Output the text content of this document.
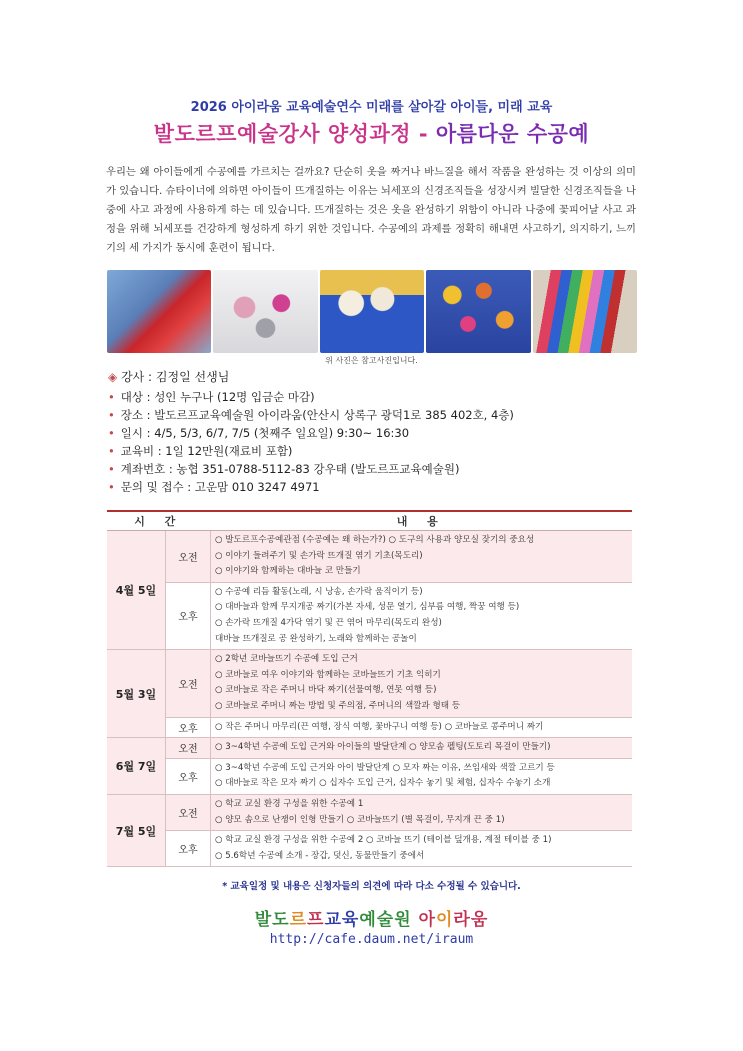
2026 아이라움 교육예술연수 미래를 살아갈 아이들, 미래 교육
발도르프예술강사 양성과정 - 아름다운 수공예
우리는 왜 아이들에게 수공예를 가르치는 걸까요? 단순히 옷을 짜거나 바느질을 해서 작품을 완성하는 것 이상의 의미가 있습니다. 슈타이너에 의하면 아이들이 뜨개질하는 이유는 뇌세포의 신경조직들을 성장시켜 빌달한 신경조직들을 나중에 사고 과정에 사용하게 하는 데 있습니다. 뜨개질하는 것은 옷을 완성하기 위함이 아니라 나중에 꽃피어날 사고 과정을 위해 뇌세포를 건강하게 형성하게 하기 위한 것입니다. 수공예의 과제를 정확히 해내면 사고하기, 의지하기, 느끼기의 세 가지가 동시에 훈련이 됩니다.
위 사진은 참고사진입니다.
◈ 강사 : 김정일 선생님
• 대상 : 성인 누구나 (12명 입금순 마감)
• 장소 : 발도르프교육예술원 아이라움(안산시 상록구 광덕1로 385 402호, 4층)
• 일시 : 4/5, 5/3, 6/7, 7/5 (첫째주 일요일) 9:30~ 16:30
• 교육비 : 1일 12만원(재료비 포함)
• 계좌번호 : 농협 351-0788-5112-83 강우태 (발도르프교육예술원)
• 문의 및 접수 : 고운맘 010 3247 4971
시 간		내 용
4월 5일	오전	○ 발도르프수공예관점 (수공예는 왜 하는가?) ○ 도구의 사용과 양모실 잦기의 중요성
○ 이야기 들려주기 및 손가락 뜨개질 엮기 기초(목도리)
○ 이야기와 함께하는 대바늘 코 만들기

	오후	○ 수공예 리듬 활동(노래, 시 낭송, 손가락 움직이기 등)
○ 대바늘과 함께 무지개공 짜기(가본 자세, 성문 열기, 심부름 여행, 짝꿍 여행 등)
○ 손가락 뜨개질 4가닥 엮기 및 끈 엮어 마무리(목도리 완성)
대바늘 뜨개질로 공 완성하기, 노래와 함께하는 공놀이

5월 3일	오전	○ 2학년 코바늘뜨기 수공예 도입 근거
○ 코바늘로 여우 이야기와 함께하는 코바늘뜨기 기초 익히기
○ 코바늘로 작은 주머니 바닥 짜기(선물여행, 연못 여행 등)
○ 코바늘로 주머니 짜는 방법 및 주의점, 주머니의 색깔과 형태 등

	오후	○ 작은 주머니 마무리(끈 여행, 장식 여행, 꽃바구니 여행 등) ○ 코바늘로 콩주머니 짜기

6월 7일	오전	○ 3~4학년 수공예 도입 근거와 아이들의 발달단계 ○ 양모솜 펠팅(도토리 목걸이 만들기)

	오후	○ 3~4학년 수공예 도입 근거와 아이 발달단계 ○ 모자 짜는 이유, 쓰임새와 색깔 고르기 등
○ 대바늘로 작은 모자 짜기 ○ 십자수 도입 근거, 십자수 놓기 및 체험, 십자수 수놓기 소개

7월 5일	오전	○ 학교 교실 환경 구성을 위한 수공예 1
○ 양모 솜으로 난쟁이 인형 만들기 ○ 코바늘뜨기 (별 목걸이, 무지개 끈 중 1)

	오후	○ 학교 교실 환경 구성을 위한 수공예 2 ○ 코바늘 뜨기 (테이블 덮개용, 계절 테이블 중 1)
○ 5.6학년 수공예 소개 - 장갑, 덧신, 동물만들기 중에서
* 교육일정 및 내용은 신청자들의 의견에 따라 다소 수정될 수 있습니다.
발도르프교육예술원 아이라움
http://cafe.daum.net/iraum
